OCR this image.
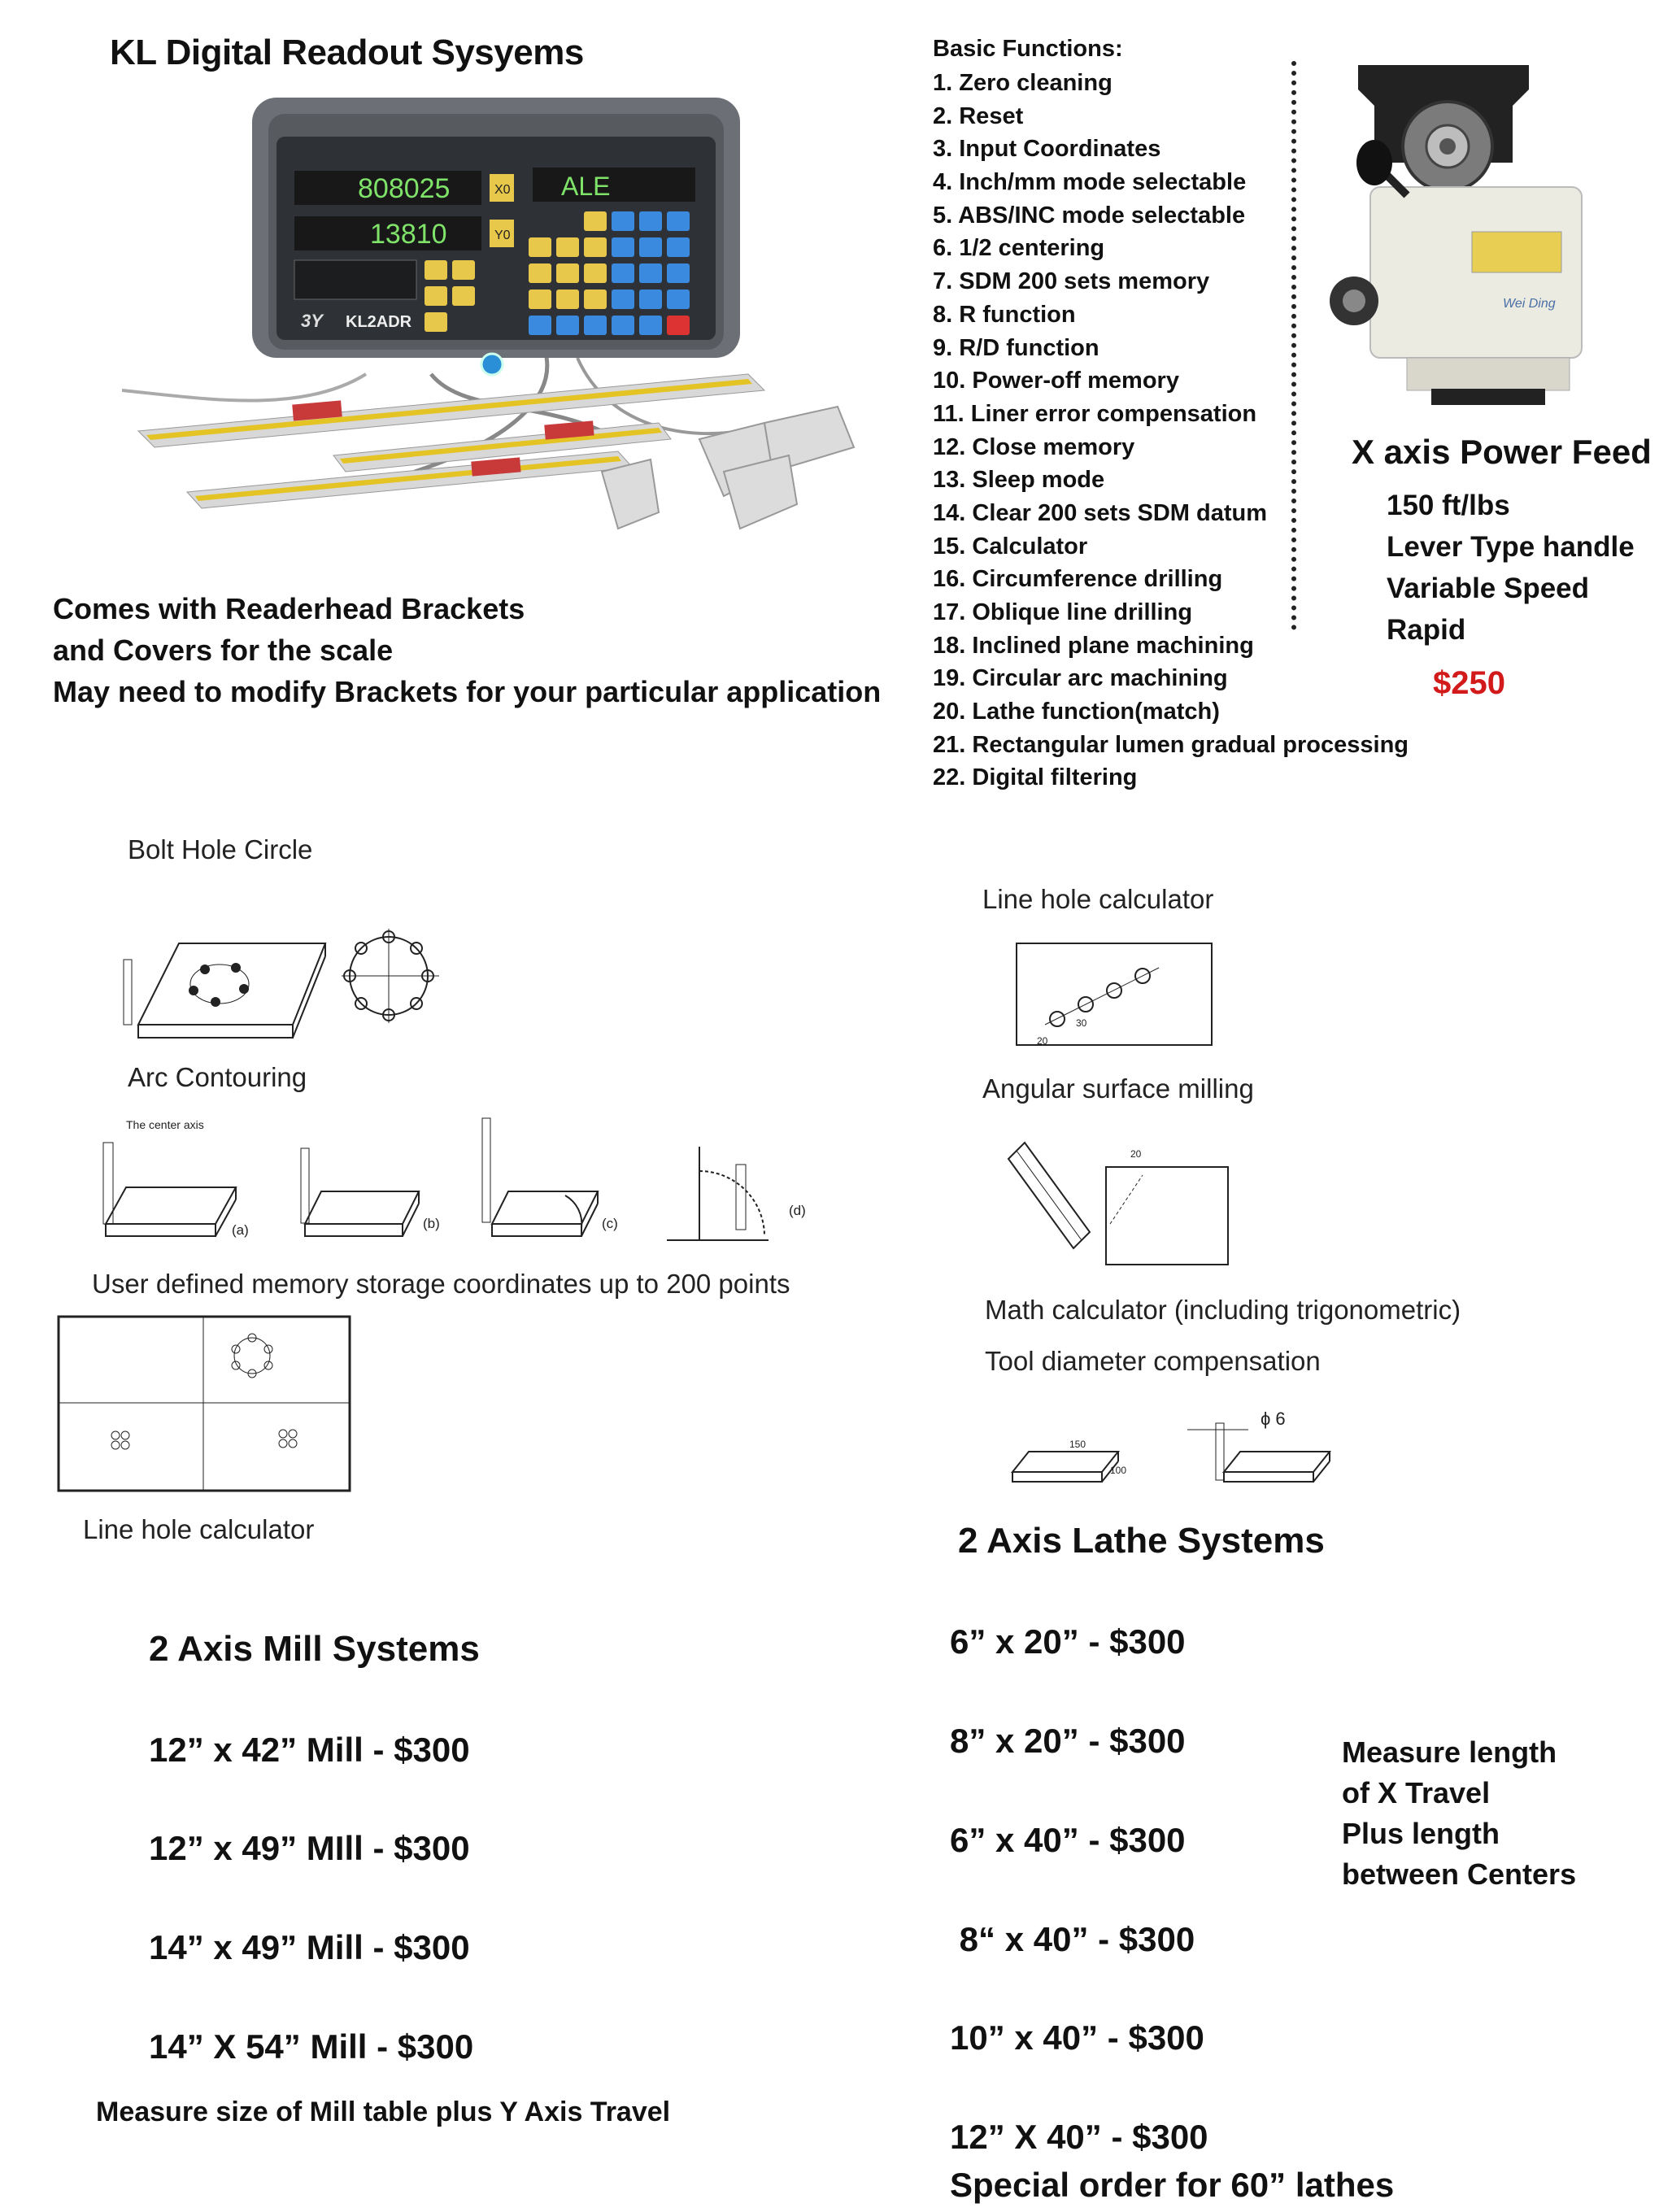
KL Digital Readout Sysyems
808025	X0
13810	Y0
ALE
3Y KL2ADR
Basic Functions:
1. Zero cleaning
2. Reset
3. Input Coordinates
4. Inch/mm mode selectable
5. ABS/INC mode selectable
6. 1/2 centering
7. SDM 200 sets memory
8. R function
9. R/D function
10. Power-off memory
11. Liner error compensation
12. Close memory
13. Sleep mode
14. Clear 200 sets SDM datum
15. Calculator
16. Circumference drilling
17. Oblique line drilling
18. Inclined plane machining
19. Circular arc machining
20. Lathe function(match)
21. Rectangular lumen gradual processing
22. Digital filtering
Wei Ding
X axis Power Feed
150 ft/lbs
Lever Type handle
Variable Speed
Rapid
$250
Comes with Readerhead Brackets
and Covers for the scale
May need to modify Brackets for your particular application
Bolt Hole Circle
Arc Contouring
The center axis
(a)	(b)	(c)
(d)
User defined memory storage coordinates up to 200 points
Line hole calculator
Line hole calculator
20
30
Angular surface milling
20
Math calculator (including trigonometric)
Tool diameter compensation
150
100
ϕ 6
2 Axis Mill Systems
12” x 42” Mill - $300
12” x 49” MIll - $300
14” x 49” Mill - $300
14” X 54” Mill - $300
Measure size of Mill table plus Y Axis Travel
2 Axis Lathe Systems
6” x 20” - $300
8” x 20” - $300
6” x 40” - $300
8“ x 40” - $300
10” x 40” - $300
12” X 40” - $300
Special order for 60” lathes
Measure length
of X Travel
Plus length
between Centers
